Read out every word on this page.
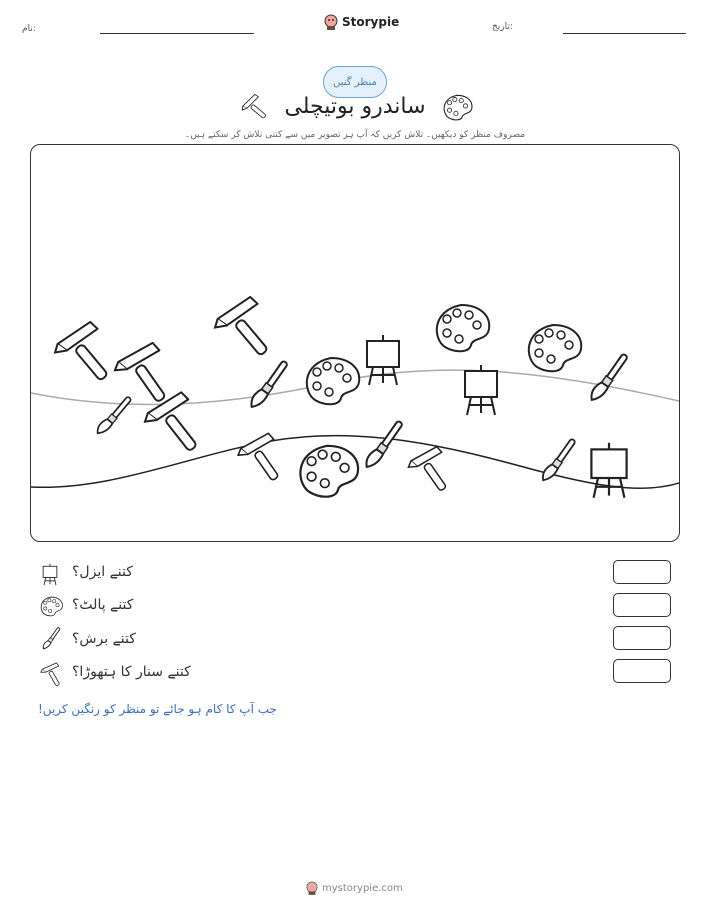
نام:	Storypie	تاریخ:
منظر گنیں
ساندرو بوتیچلی
مصروف منظر کو دیکھیں۔ تلاش کریں کہ آپ ہر تصویر میں سے کتنی تلاش کر سکتے ہیں۔
کتنے ایزل؟
کتنے پالٹ؟
کتنے برش؟
کتنے سنار کا ہتھوڑا؟
جب آپ کا کام ہو جائے تو منظر کو رنگین کریں!
mystorypie.com
